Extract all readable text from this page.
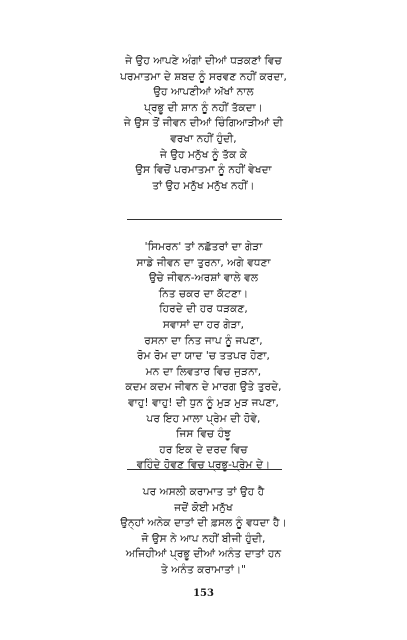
ਜੇ ਉਹ ਆਪਣੇ ਅੰਗਾਂ ਦੀਆਂ ਧੜਕਣਾਂ ਵਿਚ
ਪਰਮਾਤਮਾ ਦੇ ਸ਼ਬਦ ਨੂੰ ਸਰਵਣ ਨਹੀਂ ਕਰਦਾ,
ਉਹ ਆਪਣੀਆਂ ਅੱਖਾਂ ਨਾਲ
ਪ੍ਰਭੂ ਦੀ ਸ਼ਾਨ ਨੂੰ ਨਹੀਂ ਤੱਕਦਾ।
ਜੇ ਉਸ ਤੋਂ ਜੀਵਨ ਦੀਆਂ ਚਿੰਗਿਆੜੀਆਂ ਦੀ
ਵਰਖਾ ਨਹੀਂ ਹੁੰਦੀ,
ਜੇ ਉਹ ਮਨੁੱਖ ਨੂੰ ਤੱਕ ਕੇ
ਉਸ ਵਿਚੋਂ ਪਰਮਾਤਮਾ ਨੂੰ ਨਹੀਂ ਵੇਖਦਾ
ਤਾਂ ਉਹ ਮਨੁੱਖ ਮਨੁੱਖ ਨਹੀਂ।
'ਸਿਮਰਨ' ਤਾਂ ਨਛੱਤਰਾਂ ਦਾ ਗੇੜਾ
ਸਾਡੇ ਜੀਵਨ ਦਾ ਤੁਰਨਾ, ਅਗੇ ਵਧਣਾ
ਉਚੇ ਜੀਵਨ-ਅਰਸ਼ਾਂ ਵਾਲੇ ਵਲ
ਨਿਤ ਚਕਰ ਦਾ ਕੱਟਣਾ।
ਹਿਰਦੇ ਦੀ ਹਰ ਧੜਕਣ,
ਸਵਾਸਾਂ ਦਾ ਹਰ ਗੇੜਾ,
ਰਸਨਾ ਦਾ ਨਿਤ ਜਾਪ ਨੂੰ ਜਪਣਾ,
ਰੋਮ ਰੋਮ ਦਾ ਯਾਦ 'ਚ ਤਤਪਰ ਹੋਣਾ,
ਮਨ ਦਾ ਲਿਵਤਾਰ ਵਿਚ ਜੁੜਨਾ,
ਕਦਮ ਕਦਮ ਜੀਵਨ ਦੇ ਮਾਰਗ ਉਤੇ ਤੁਰਦੇ,
ਵਾਹੁ! ਵਾਹੁ! ਦੀ ਧੁਨ ਨੂੰ ਮੁੜ ਮੁੜ ਜਪਣਾ,
ਪਰ ਇਹ ਮਾਲਾ ਪ੍ਰੇਮ ਦੀ ਹੋਵੇ,
ਜਿਸ ਵਿਚ ਹੰਝੂ
ਹਰ ਇਕ ਦੇ ਦਰਦ ਵਿਚ
ਵਹਿੰਦੇ ਹੋਵਣ ਵਿਚ ਪ੍ਰਭੂ-ਪ੍ਰੇਮ ਦੇ।
ਪਰ ਅਸਲੀ ਕਰਾਮਾਤ ਤਾਂ ਉਹ ਹੈ
ਜਦੋਂ ਕੋਈ ਮਨੁੱਖ
ਉਨ੍ਹਾਂ ਅਨੇਕ ਦਾਤਾਂ ਦੀ ਫ਼ਸਲ ਨੂੰ ਵਧਦਾ ਹੈ।
ਜੋ ਉਸ ਨੇ ਆਪ ਨਹੀਂ ਬੀਜੀ ਹੁੰਦੀ,
ਅਜਿਹੀਆਂ ਪ੍ਰਭੂ ਦੀਆਂ ਅਨੰਤ ਦਾਤਾਂ ਹਨ
ਤੇ ਅਨੰਤ ਕਰਾਮਾਤਾਂ।"
153
